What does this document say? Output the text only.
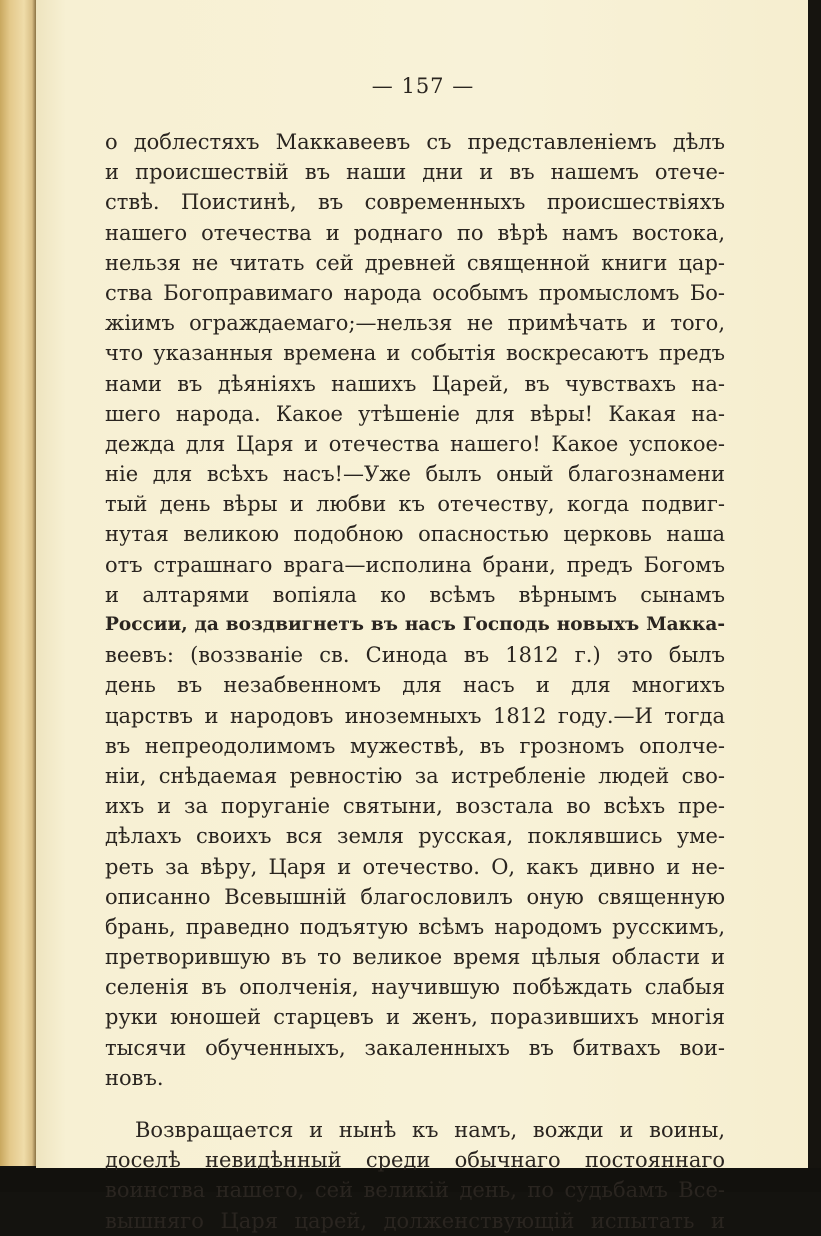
— 157 —
о доблестяхъ Маккавеевъ съ представленіемъ дѣлъ
и происшествій въ наши дни и въ нашемъ отече-
ствѣ. Поистинѣ, въ современныхъ происшествіяхъ
нашего отечества и роднаго по вѣрѣ намъ востока,
нельзя не читать сей древней священной книги цар-
ства Богоправимаго народа особымъ промысломъ Бо-
жіимъ ограждаемаго;—нельзя не примѣчать и того,
что указанныя времена и событія воскресаютъ предъ
нами въ дѣяніяхъ нашихъ Царей, въ чувствахъ на-
шего народа. Какое утѣшеніе для вѣры! Какая на-
дежда для Царя и отечества нашего! Какое успокое-
ніе для всѣхъ насъ!—Уже былъ оный благознамени
тый день вѣры и любви къ отечеству, когда подвиг-
нутая великою подобною опасностью церковь наша
отъ страшнаго врага—исполина брани, предъ Богомъ
и алтарями вопіяла ко всѣмъ вѣрнымъ сынамъ
России, да воздвигнетъ въ насъ Господь новыхъ Макка-
веевъ: (воззваніе св. Синода въ 1812 г.) это былъ
день въ незабвенномъ для насъ и для многихъ
царствъ и народовъ иноземныхъ 1812 году.—И тогда
въ непреодолимомъ мужествѣ, въ грозномъ ополче-
ніи, снѣдаемая ревностію за истребленіе людей сво-
ихъ и за поруганіе святыни, возстала во всѣхъ пре-
дѣлахъ своихъ вся земля русская, поклявшись уме-
реть за вѣру, Царя и отечество. О, какъ дивно и не-
описанно Всевышній благословилъ оную священную
брань, праведно подъятую всѣмъ народомъ русскимъ,
претворившую въ то великое время цѣлыя области и
селенія въ ополченія, научившую побѣждать слабыя
руки юношей старцевъ и женъ, поразившихъ многія
тысячи обученныхъ, закаленныхъ въ битвахъ вои-
новъ.
Возвращается и нынѣ къ намъ, вожди и воины,
доселѣ невидѣнный среди обычнаго постояннаго
воинства нашего, сей великій день, по судьбамъ Все-
вышняго Царя царей, долженствующій испытать и
